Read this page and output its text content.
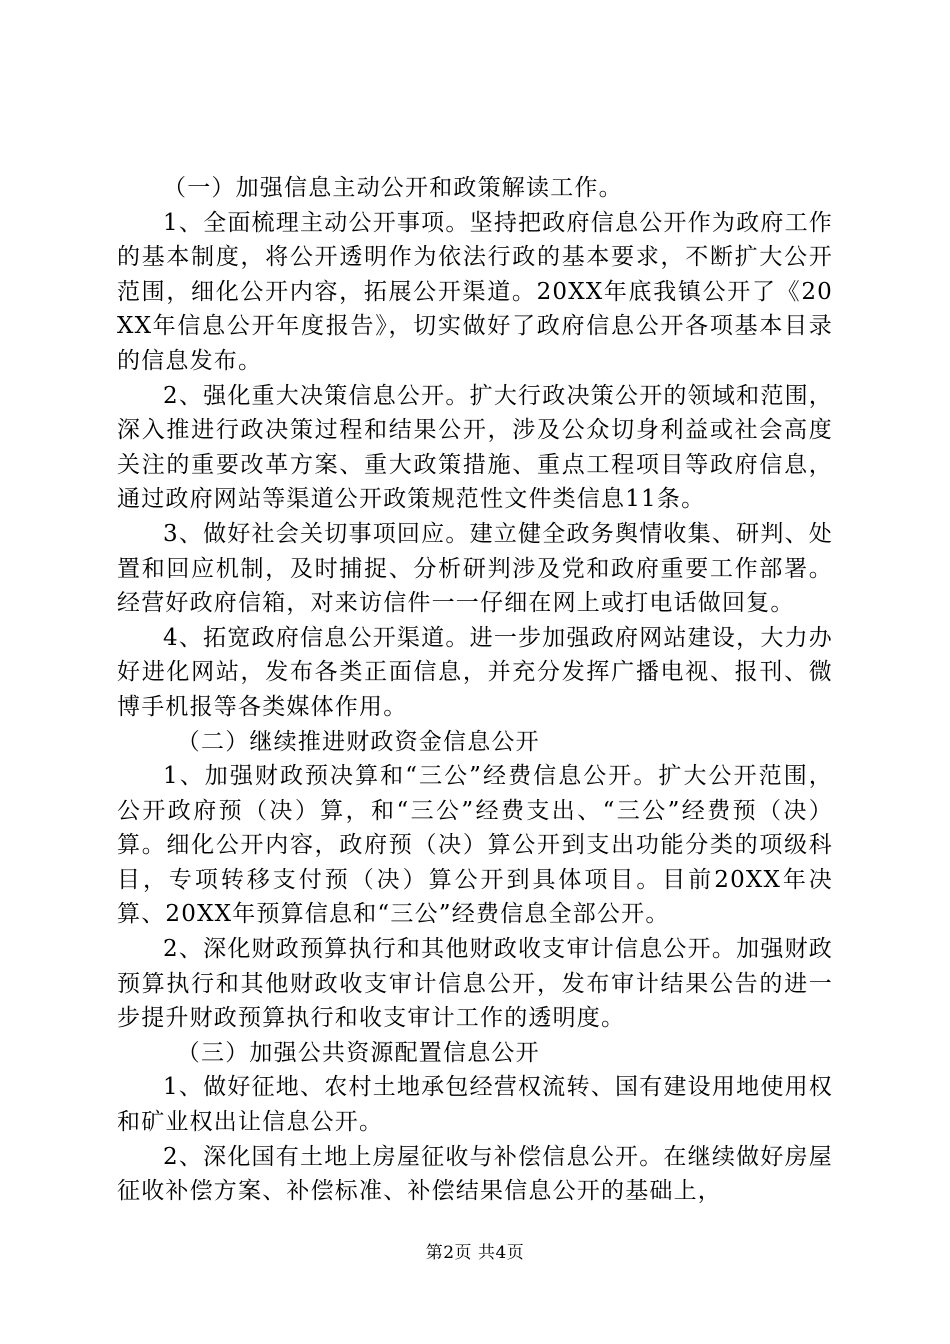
（一）加强信息主动公开和政策解读工作。

1、全面梳理主动公开事项。坚持把政府信息公开作为政府工作的基本制度，将公开透明作为依法行政的基本要求，不断扩大公开范围，细化公开内容，拓展公开渠道。20XX年底我镇公开了《20XX年信息公开年度报告》，切实做好了政府信息公开各项基本目录的信息发布。

2、强化重大决策信息公开。扩大行政决策公开的领域和范围，深入推进行政决策过程和结果公开，涉及公众切身利益或社会高度关注的重要改革方案、重大政策措施、重点工程项目等政府信息，通过政府网站等渠道公开政策规范性文件类信息11条。

3、做好社会关切事项回应。建立健全政务舆情收集、研判、处置和回应机制，及时捕捉、分析研判涉及党和政府重要工作部署。经营好政府信箱，对来访信件一一仔细在网上或打电话做回复。

4、拓宽政府信息公开渠道。进一步加强政府网站建设，大力办好进化网站，发布各类正面信息，并充分发挥广播电视、报刊、微博手机报等各类媒体作用。

（二）继续推进财政资金信息公开

1、加强财政预决算和“三公”经费信息公开。扩大公开范围，公开政府预（决）算，和“三公”经费支出、“三公”经费预（决）算。细化公开内容，政府预（决）算公开到支出功能分类的项级科目，专项转移支付预（决）算公开到具体项目。目前20XX年决算、20XX年预算信息和“三公”经费信息全部公开。

2、深化财政预算执行和其他财政收支审计信息公开。加强财政预算执行和其他财政收支审计信息公开，发布审计结果公告的进一步提升财政预算执行和收支审计工作的透明度。

（三）加强公共资源配置信息公开

1、做好征地、农村土地承包经营权流转、国有建设用地使用权和矿业权出让信息公开。

2、深化国有土地上房屋征收与补偿信息公开。在继续做好房屋征收补偿方案、补偿标准、补偿结果信息公开的基础上，

第2页 共4页
